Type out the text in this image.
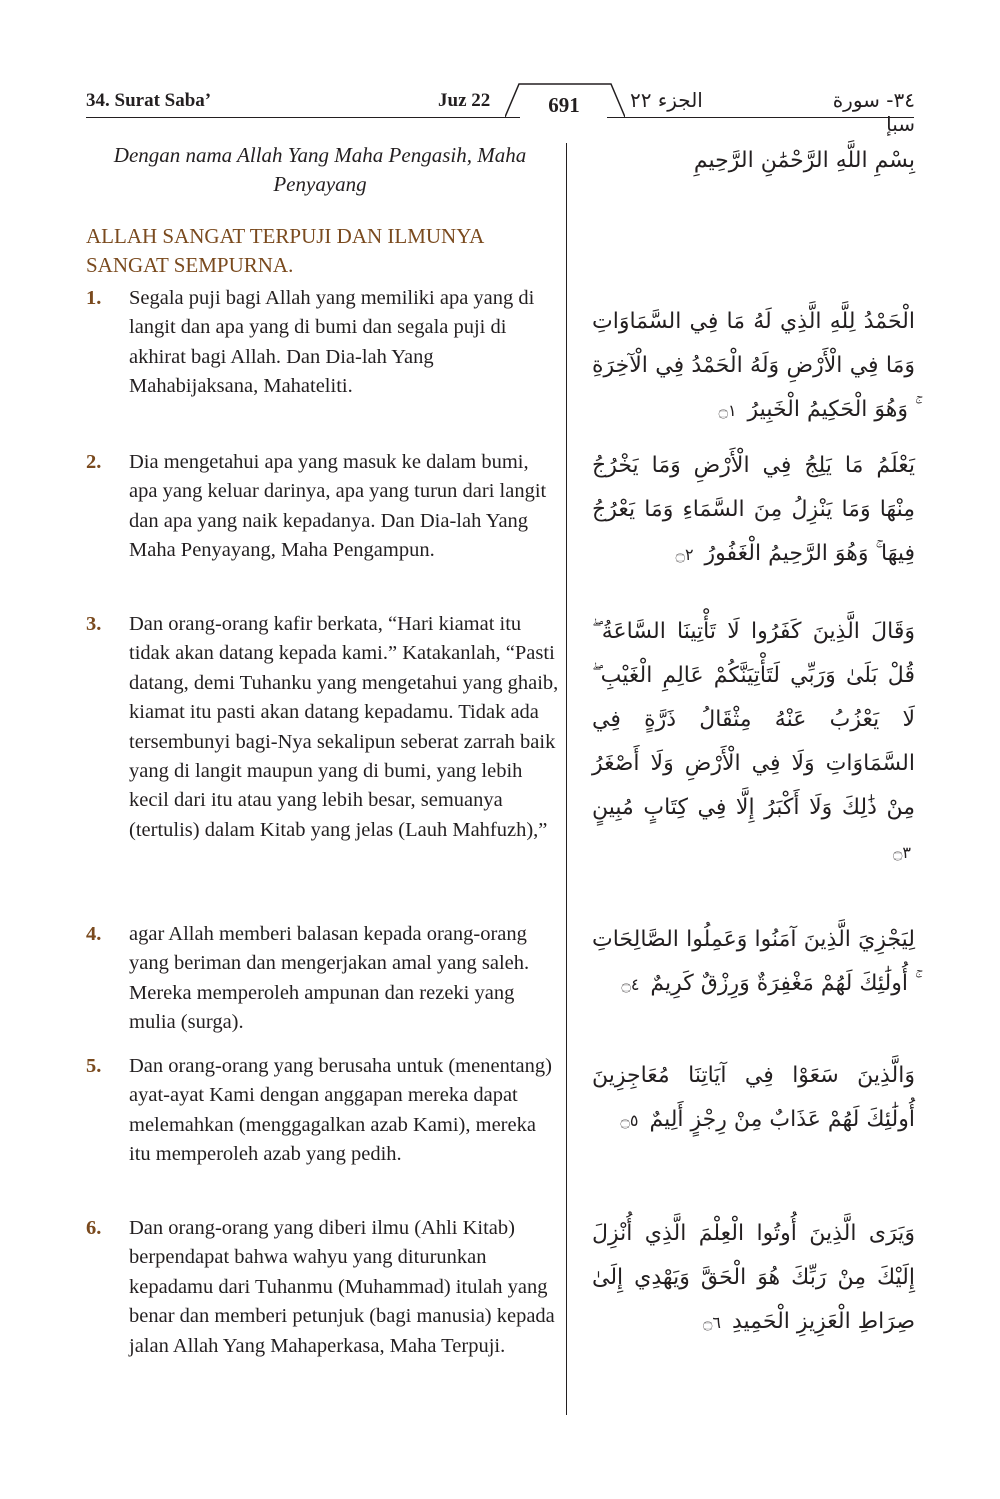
34. Surat Saba’	Juz 22	691	الجزء ٢٢	٣٤- سورة سبإ
Dengan nama Allah Yang Maha Pengasih, Maha Penyayang
ALLAH SANGAT TERPUJI DAN ILMUNYA SANGAT SEMPURNA.
1.	Segala puji bagi Allah yang memiliki apa yang di langit dan apa yang di bumi dan segala puji di akhirat bagi Allah. Dan Dia-lah Yang Mahabijaksana, Mahateliti.
2.	Dia mengetahui apa yang masuk ke dalam bumi, apa yang keluar darinya, apa yang turun dari langit dan apa yang naik kepadanya. Dan Dia-lah Yang Maha Penyayang, Maha Pengampun.
3.	Dan orang-orang kafir berkata, “Hari kiamat itu tidak akan datang kepada kami.” Katakanlah, “Pasti datang, demi Tuhanku yang mengetahui yang ghaib, kiamat itu pasti akan datang kepadamu. Tidak ada tersembunyi bagi-Nya sekalipun seberat zarrah baik yang di langit maupun yang di bumi, yang lebih kecil dari itu atau yang lebih besar, semuanya (tertulis) dalam Kitab yang jelas (Lauh Mahfuzh),”
4.	agar Allah memberi balasan kepada orang-orang yang beriman dan mengerjakan amal yang saleh. Mereka memperoleh ampunan dan rezeki yang mulia (surga).
5.	Dan orang-orang yang berusaha untuk (menentang) ayat-ayat Kami dengan anggapan mereka dapat melemahkan (menggagalkan azab Kami), mereka itu memperoleh azab yang pedih.
6.	Dan orang-orang yang diberi ilmu (Ahli Kitab) berpendapat bahwa wahyu yang diturunkan kepadamu dari Tuhanmu (Muhammad) itulah yang benar dan memberi petunjuk (bagi manusia) kepada jalan Allah Yang Mahaperkasa, Maha Terpuji.
بِسْمِ اللَّهِ الرَّحْمَٰنِ الرَّحِيمِ
الْحَمْدُ لِلَّهِ الَّذِي لَهُ مَا فِي السَّمَاوَاتِ وَمَا فِي الْأَرْضِ وَلَهُ الْحَمْدُ فِي الْآخِرَةِ ۚ وَهُوَ الْحَكِيمُ الْخَبِيرُ ۝١
يَعْلَمُ مَا يَلِجُ فِي الْأَرْضِ وَمَا يَخْرُجُ مِنْهَا وَمَا يَنْزِلُ مِنَ السَّمَاءِ وَمَا يَعْرُجُ فِيهَا ۚ وَهُوَ الرَّحِيمُ الْغَفُورُ ۝٢
وَقَالَ الَّذِينَ كَفَرُوا لَا تَأْتِينَا السَّاعَةُ ۖ قُلْ بَلَىٰ وَرَبِّي لَتَأْتِيَنَّكُمْ عَالِمِ الْغَيْبِ ۖ لَا يَعْزُبُ عَنْهُ مِثْقَالُ ذَرَّةٍ فِي السَّمَاوَاتِ وَلَا فِي الْأَرْضِ وَلَا أَصْغَرُ مِنْ ذَٰلِكَ وَلَا أَكْبَرُ إِلَّا فِي كِتَابٍ مُبِينٍ ۝٣
لِيَجْزِيَ الَّذِينَ آمَنُوا وَعَمِلُوا الصَّالِحَاتِ ۚ أُولَٰئِكَ لَهُمْ مَغْفِرَةٌ وَرِزْقٌ كَرِيمٌ ۝٤
وَالَّذِينَ سَعَوْا فِي آيَاتِنَا مُعَاجِزِينَ أُولَٰئِكَ لَهُمْ عَذَابٌ مِنْ رِجْزٍ أَلِيمٌ ۝٥
وَيَرَى الَّذِينَ أُوتُوا الْعِلْمَ الَّذِي أُنْزِلَ إِلَيْكَ مِنْ رَبِّكَ هُوَ الْحَقَّ وَيَهْدِي إِلَىٰ صِرَاطِ الْعَزِيزِ الْحَمِيدِ ۝٦
